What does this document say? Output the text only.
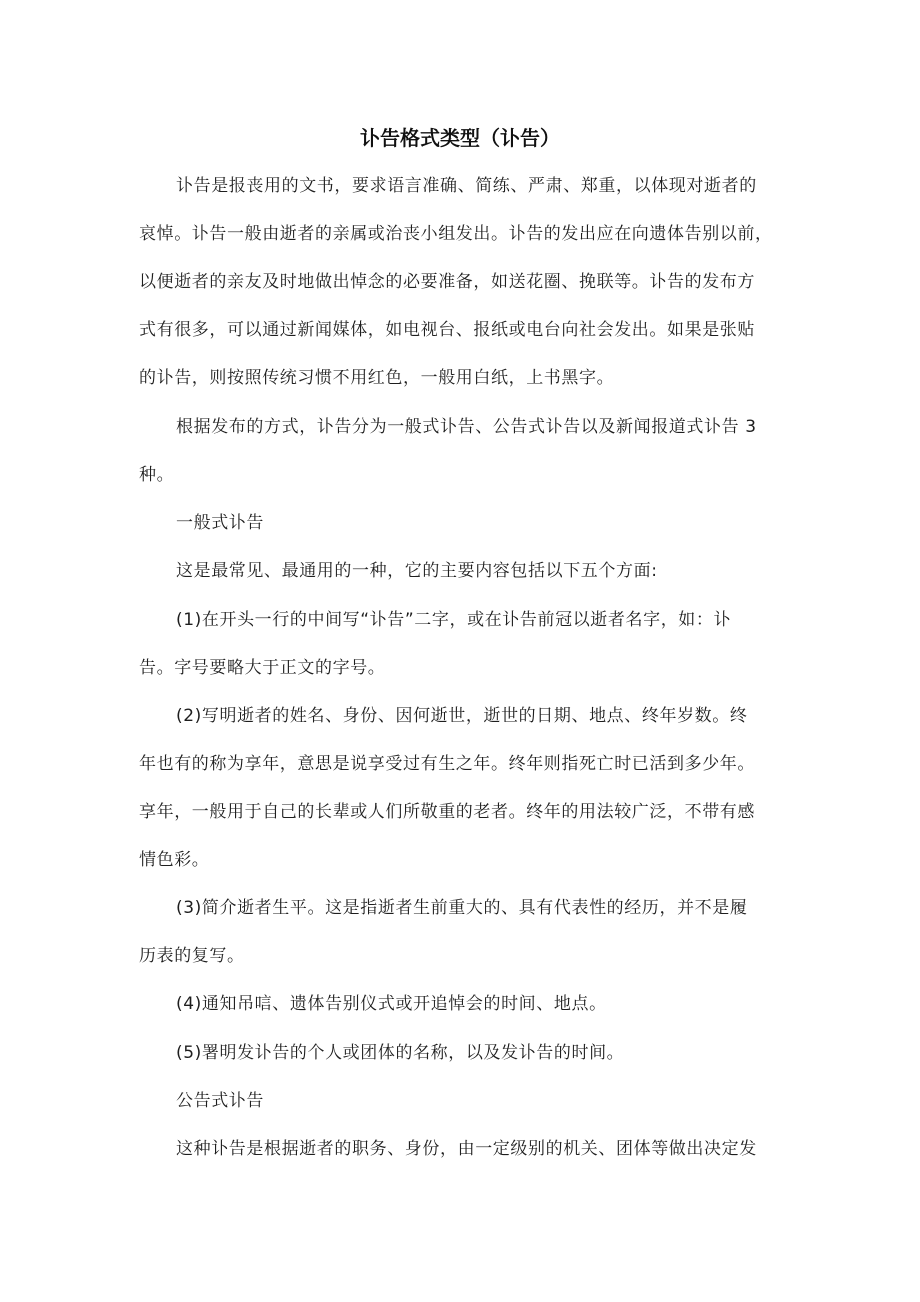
讣告格式类型（讣告）
讣告是报丧用的文书，要求语言准确、简练、严肃、郑重，以体现对逝者的
哀悼。讣告一般由逝者的亲属或治丧小组发出。讣告的发出应在向遗体告别以前，
以便逝者的亲友及时地做出悼念的必要准备，如送花圈、挽联等。讣告的发布方
式有很多，可以通过新闻媒体，如电视台、报纸或电台向社会发出。如果是张贴
的讣告，则按照传统习惯不用红色，一般用白纸，上书黑字。
根据发布的方式，讣告分为一般式讣告、公告式讣告以及新闻报道式讣告 3
种。
一般式讣告
这是最常见、最通用的一种，它的主要内容包括以下五个方面:
(1)在开头一行的中间写“讣告”二字，或在讣告前冠以逝者名字，如：讣
告。字号要略大于正文的字号。
(2)写明逝者的姓名、身份、因何逝世，逝世的日期、地点、终年岁数。终
年也有的称为享年，意思是说享受过有生之年。终年则指死亡时已活到多少年。
享年，一般用于自己的长辈或人们所敬重的老者。终年的用法较广泛，不带有感
情色彩。
(3)简介逝者生平。这是指逝者生前重大的、具有代表性的经历，并不是履
历表的复写。
(4)通知吊唁、遗体告别仪式或开追悼会的时间、地点。
(5)署明发讣告的个人或团体的名称，以及发讣告的时间。
公告式讣告
这种讣告是根据逝者的职务、身份，由一定级别的机关、团体等做出决定发
